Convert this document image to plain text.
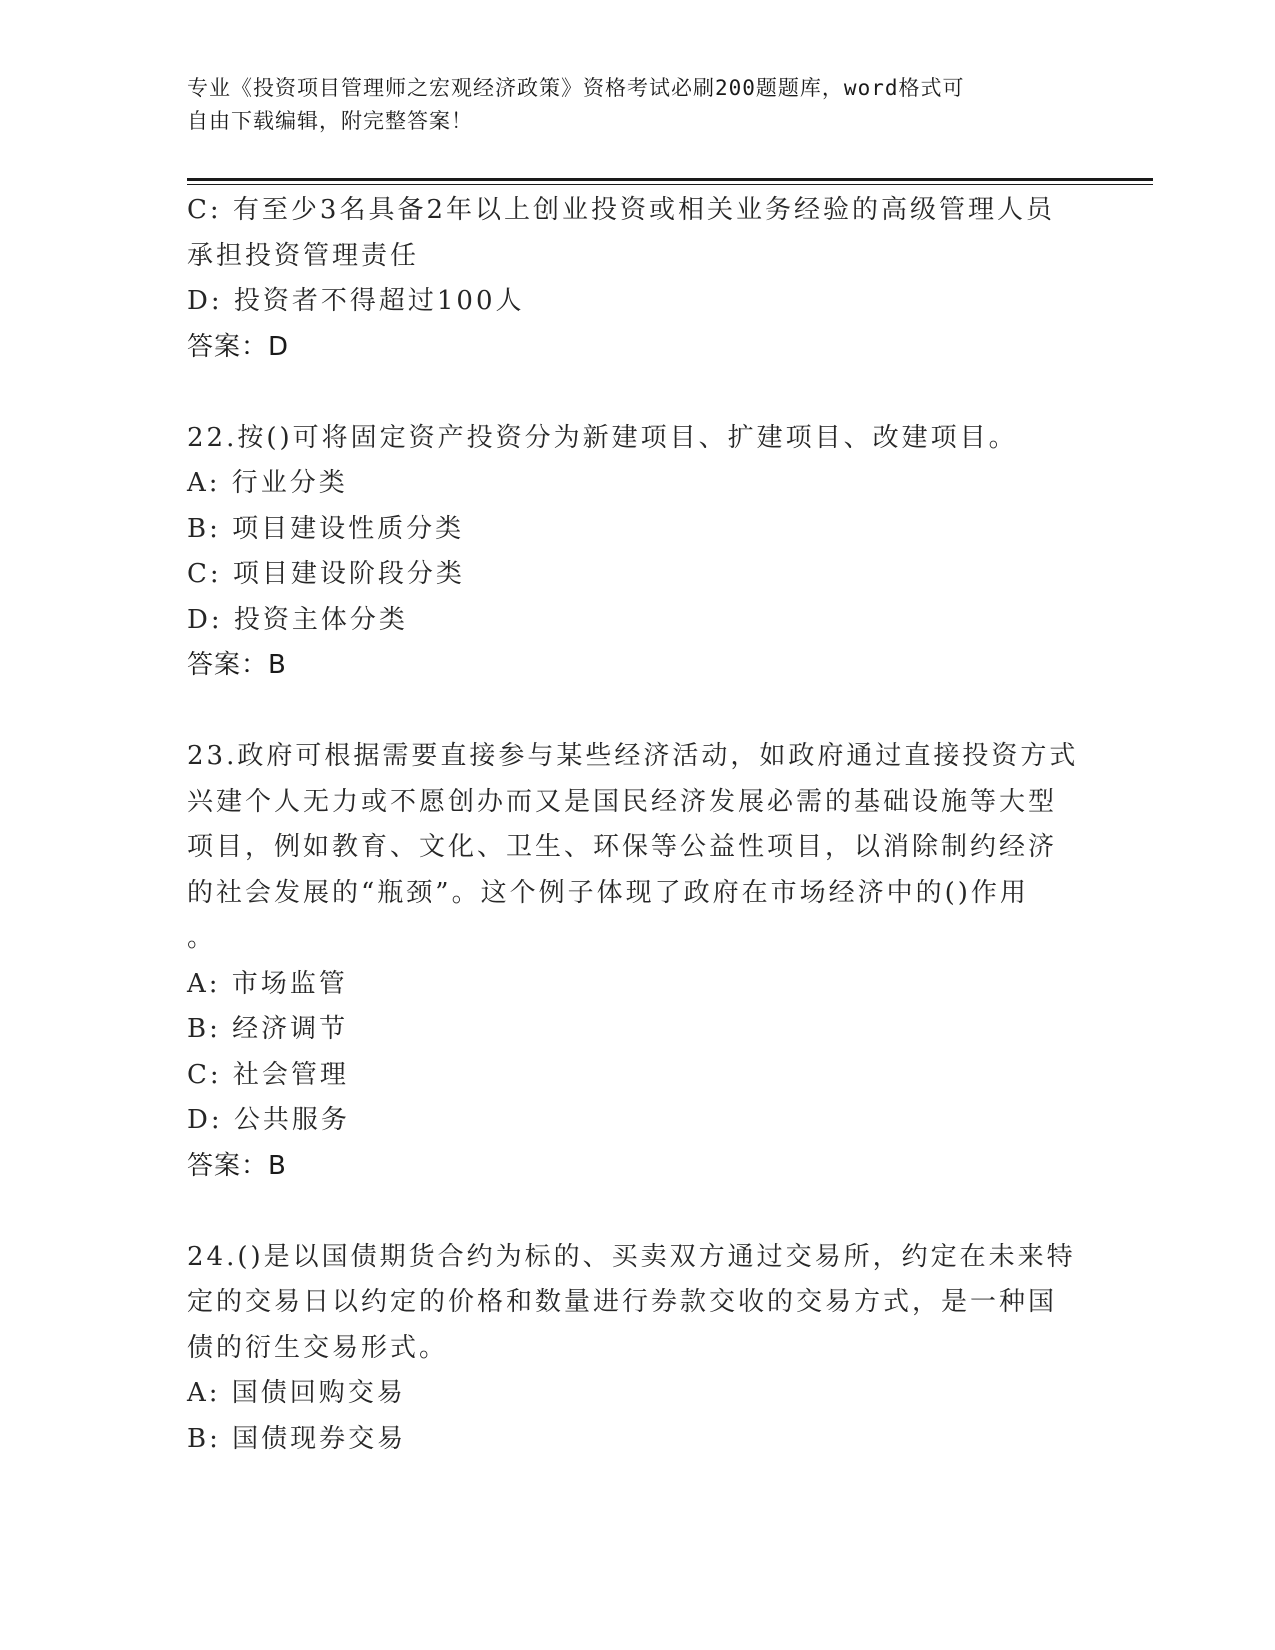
专业《投资项目管理师之宏观经济政策》资格考试必刷200题题库，word格式可
自由下载编辑，附完整答案！
C: 有至少3名具备2年以上创业投资或相关业务经验的高级管理人员
承担投资管理责任
D: 投资者不得超过100人
答案：D
22.按()可将固定资产投资分为新建项目、扩建项目、改建项目。
A: 行业分类
B: 项目建设性质分类
C: 项目建设阶段分类
D: 投资主体分类
答案：B
23.政府可根据需要直接参与某些经济活动，如政府通过直接投资方式
兴建个人无力或不愿创办而又是国民经济发展必需的基础设施等大型
项目，例如教育、文化、卫生、环保等公益性项目，以消除制约经济
的社会发展的“瓶颈”。这个例子体现了政府在市场经济中的()作用
。
A: 市场监管
B: 经济调节
C: 社会管理
D: 公共服务
答案：B
24.()是以国债期货合约为标的、买卖双方通过交易所，约定在未来特
定的交易日以约定的价格和数量进行券款交收的交易方式，是一种国
债的衍生交易形式。
A: 国债回购交易
B: 国债现券交易
